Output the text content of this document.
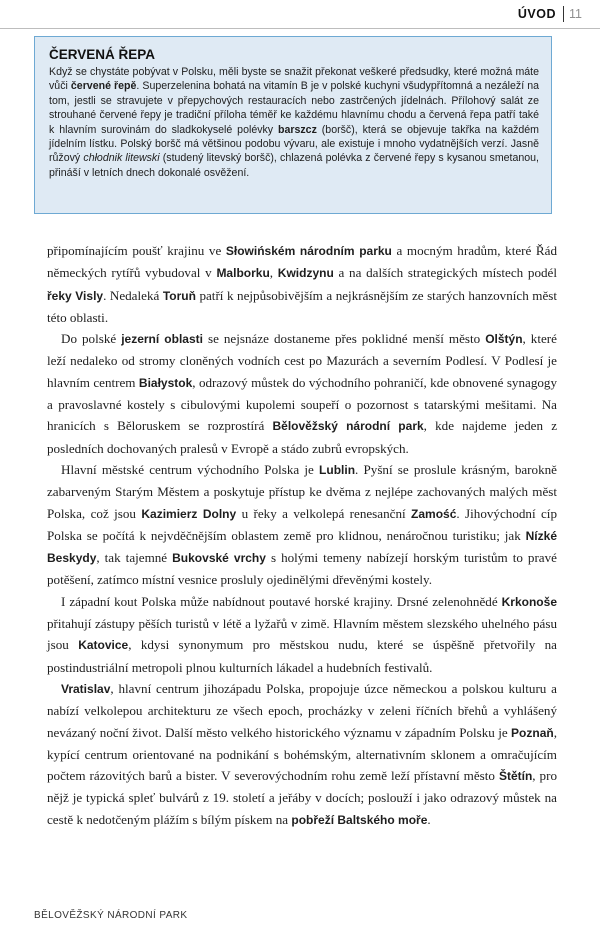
ÚVOD 11
ČERVENÁ ŘEPA

Když se chystáte pobývat v Polsku, měli byste se snažit překonat veškeré předsudky, které možná máte vůči červené řepě. Superzelenina bohatá na vitamín B je v polské kuchyni všudypřítomná a nezáleží na tom, jestli se stravujete v přepychových restauracích nebo zastrčených jídelnách. Přílohový salát ze strouhané červené řepy je tradiční příloha téměř ke každému hlavnímu chodu a červená řepa patří také k hlavním surovinám do sladkokyselé polévky barszcz (boršč), která se objevuje takřka na každém jídelním lístku. Polský boršč má většinou podobu vývaru, ale existuje i mnoho vydatnějších verzí. Jasně růžový chłodnik litewski (studený litevský boršč), chlazená polévka z červené řepy s kysanou smetanou, přináší v letních dnech dokonalé osvěžení.

připomínajícím poušť krajinu ve Słowińském národním parku a mocným hradům, které Řád německých rytířů vybudoval v Malborku, Kwidzynu a na dalších strategických místech podél řeky Visly. Nedaleká Toruň patří k nejpůsobivějším a nejkrásnějším ze starých hanzovních měst této oblasti.

Do polské jezerní oblasti se nejsnáze dostaneme přes poklidné menší město Olštýn, které leží nedaleko od stromy cloněných vodních cest po Mazurách a severním Podlesí. V Podlesí je hlavním centrem Białystok, odrazový můstek do východního pohraničí, kde obnovené synagogy a pravoslavné kostely s cibulovými kupolemi soupeří o pozornost s tatarskými mešitami. Na hranicích s Běloruskem se rozprostírá Bělověžský národní park, kde najdeme jeden z posledních dochovaných pralesů v Evropě a stádo zubrů evropských.

Hlavní městské centrum východního Polska je Lublin. Pyšní se proslule krásným, barokně zabarveným Starým Městem a poskytuje přístup ke dvěma z nejlépe zachovaných malých měst Polska, což jsou Kazimierz Dolny u řeky a velkolepá renesanční Zamość. Jihovýchodní cíp Polska se počítá k nejvděčnějším oblastem země pro klidnou, nenáročnou turistiku; jak Nízké Beskydy, tak tajemné Bukovské vrchy s holými temeny nabízejí horským turistům to pravé potěšení, zatímco místní vesnice prosluly ojedinělými dřevěnými kostely.

I západní kout Polska může nabídnout poutavé horské krajiny. Drsné zelenohnědé Krkonoše přitahují zástupy pěších turistů v létě a lyžařů v zimě. Hlavním městem slezského uhelného pásu jsou Katovice, kdysi synonymum pro městskou nudu, které se úspěšně přetvořily na postindustriální metropoli plnou kulturních lákadel a hudebních festivalů.

Vratislav, hlavní centrum jihozápadu Polska, propojuje úzce německou a polskou kulturu a nabízí velkolepou architekturu ze všech epoch, procházky v zeleni říčních břehů a vyhlášený nevázaný noční život. Další město velkého historického významu v západním Polsku je Poznaň, kypící centrum orientované na podnikání s bohémským, alternativním sklonem a omračujícím počtem rázovitých barů a bister. V severovýchodním rohu země leží přístavní město Štětín, pro nějž je typická spleť bulvárů z 19. století a jeřáby v docích; poslouží i jako odrazový můstek na cestě k nedotčeným plážím s bílým pískem na pobřeží Baltského moře.

BĚLOVĚŽSKÝ NÁRODNÍ PARK
